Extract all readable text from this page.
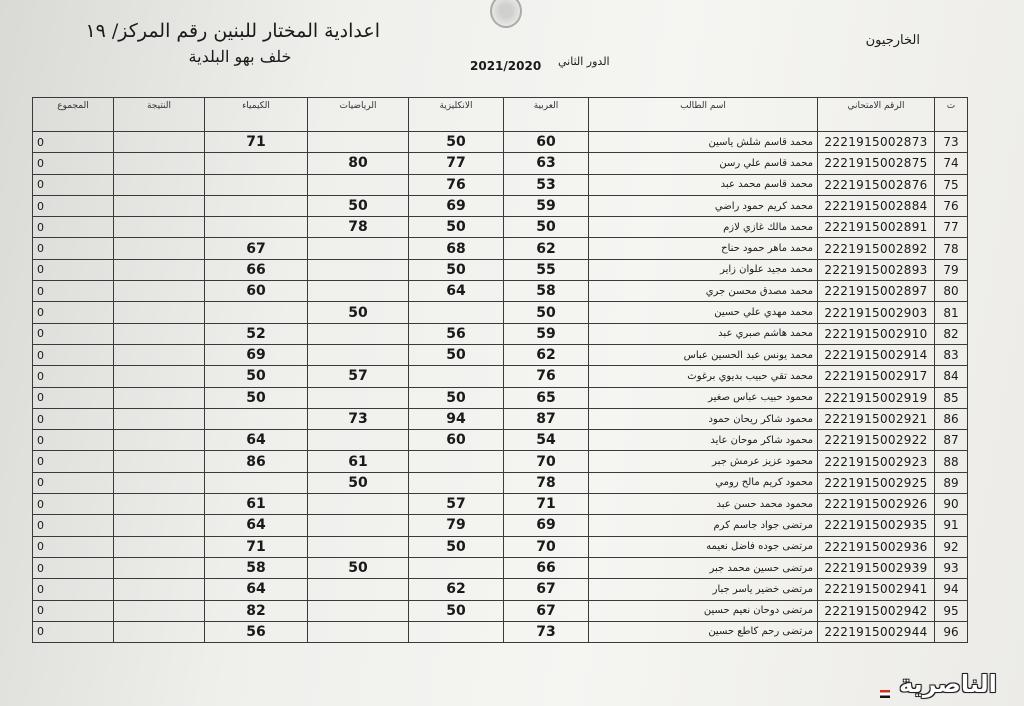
اعدادية المختار للبنين رقم المركز/ ١٩
خلف بهو البلدية	2021/2020 الدور الثاني
الخارجيون
ت	الرقم الامتحاني	اسم الطالب	العربية	الانكليزية	الرياضيات	الكيمياء	النتيجة	المجموع
73	2221915002873	محمد قاسم شلش ياسين	60	50		71		0
74	2221915002875	محمد قاسم علي رسن	63	77	80			0
75	2221915002876	محمد قاسم محمد عبد	53	76				0
76	2221915002884	محمد كريم حمود راضي	59	69	50			0
77	2221915002891	محمد مالك غازي لازم	50	50	78			0
78	2221915002892	محمد ماهر حمود حناح	62	68		67		0
79	2221915002893	محمد مجيد علوان زاير	55	50		66		0
80	2221915002897	محمد مصدق محسن جري	58	64		60		0
81	2221915002903	محمد مهدي علي حسين	50		50			0
82	2221915002910	محمد هاشم صبري عبد	59	56		52		0
83	2221915002914	محمد يونس عبد الحسين عباس	62	50		69		0
84	2221915002917	محمد تقي حبيب بديوي برغوث	76		57	50		0
85	2221915002919	محمود حبيب عباس صغير	65	50		50		0
86	2221915002921	محمود شاكر ريحان حمود	87	94	73			0
87	2221915002922	محمود شاكر موحان عايد	54	60		64		0
88	2221915002923	محمود عزيز عرمش جبر	70		61	86		0
89	2221915002925	محمود كريم مالح رومي	78		50			0
90	2221915002926	محمود محمد حسن عبد	71	57		61		0
91	2221915002935	مرتضى جواد جاسم كرم	69	79		64		0
92	2221915002936	مرتضى جوده فاضل نعيمه	70	50		71		0
93	2221915002939	مرتضى حسين محمد جبر	66		50	58		0
94	2221915002941	مرتضى خضير ياسر جبار	67	62		64		0
95	2221915002942	مرتضى دوحان نعيم حسين	67	50		82		0
96	2221915002944	مرتضى رحم كاطع حسين	73			56		0
الناصرية
